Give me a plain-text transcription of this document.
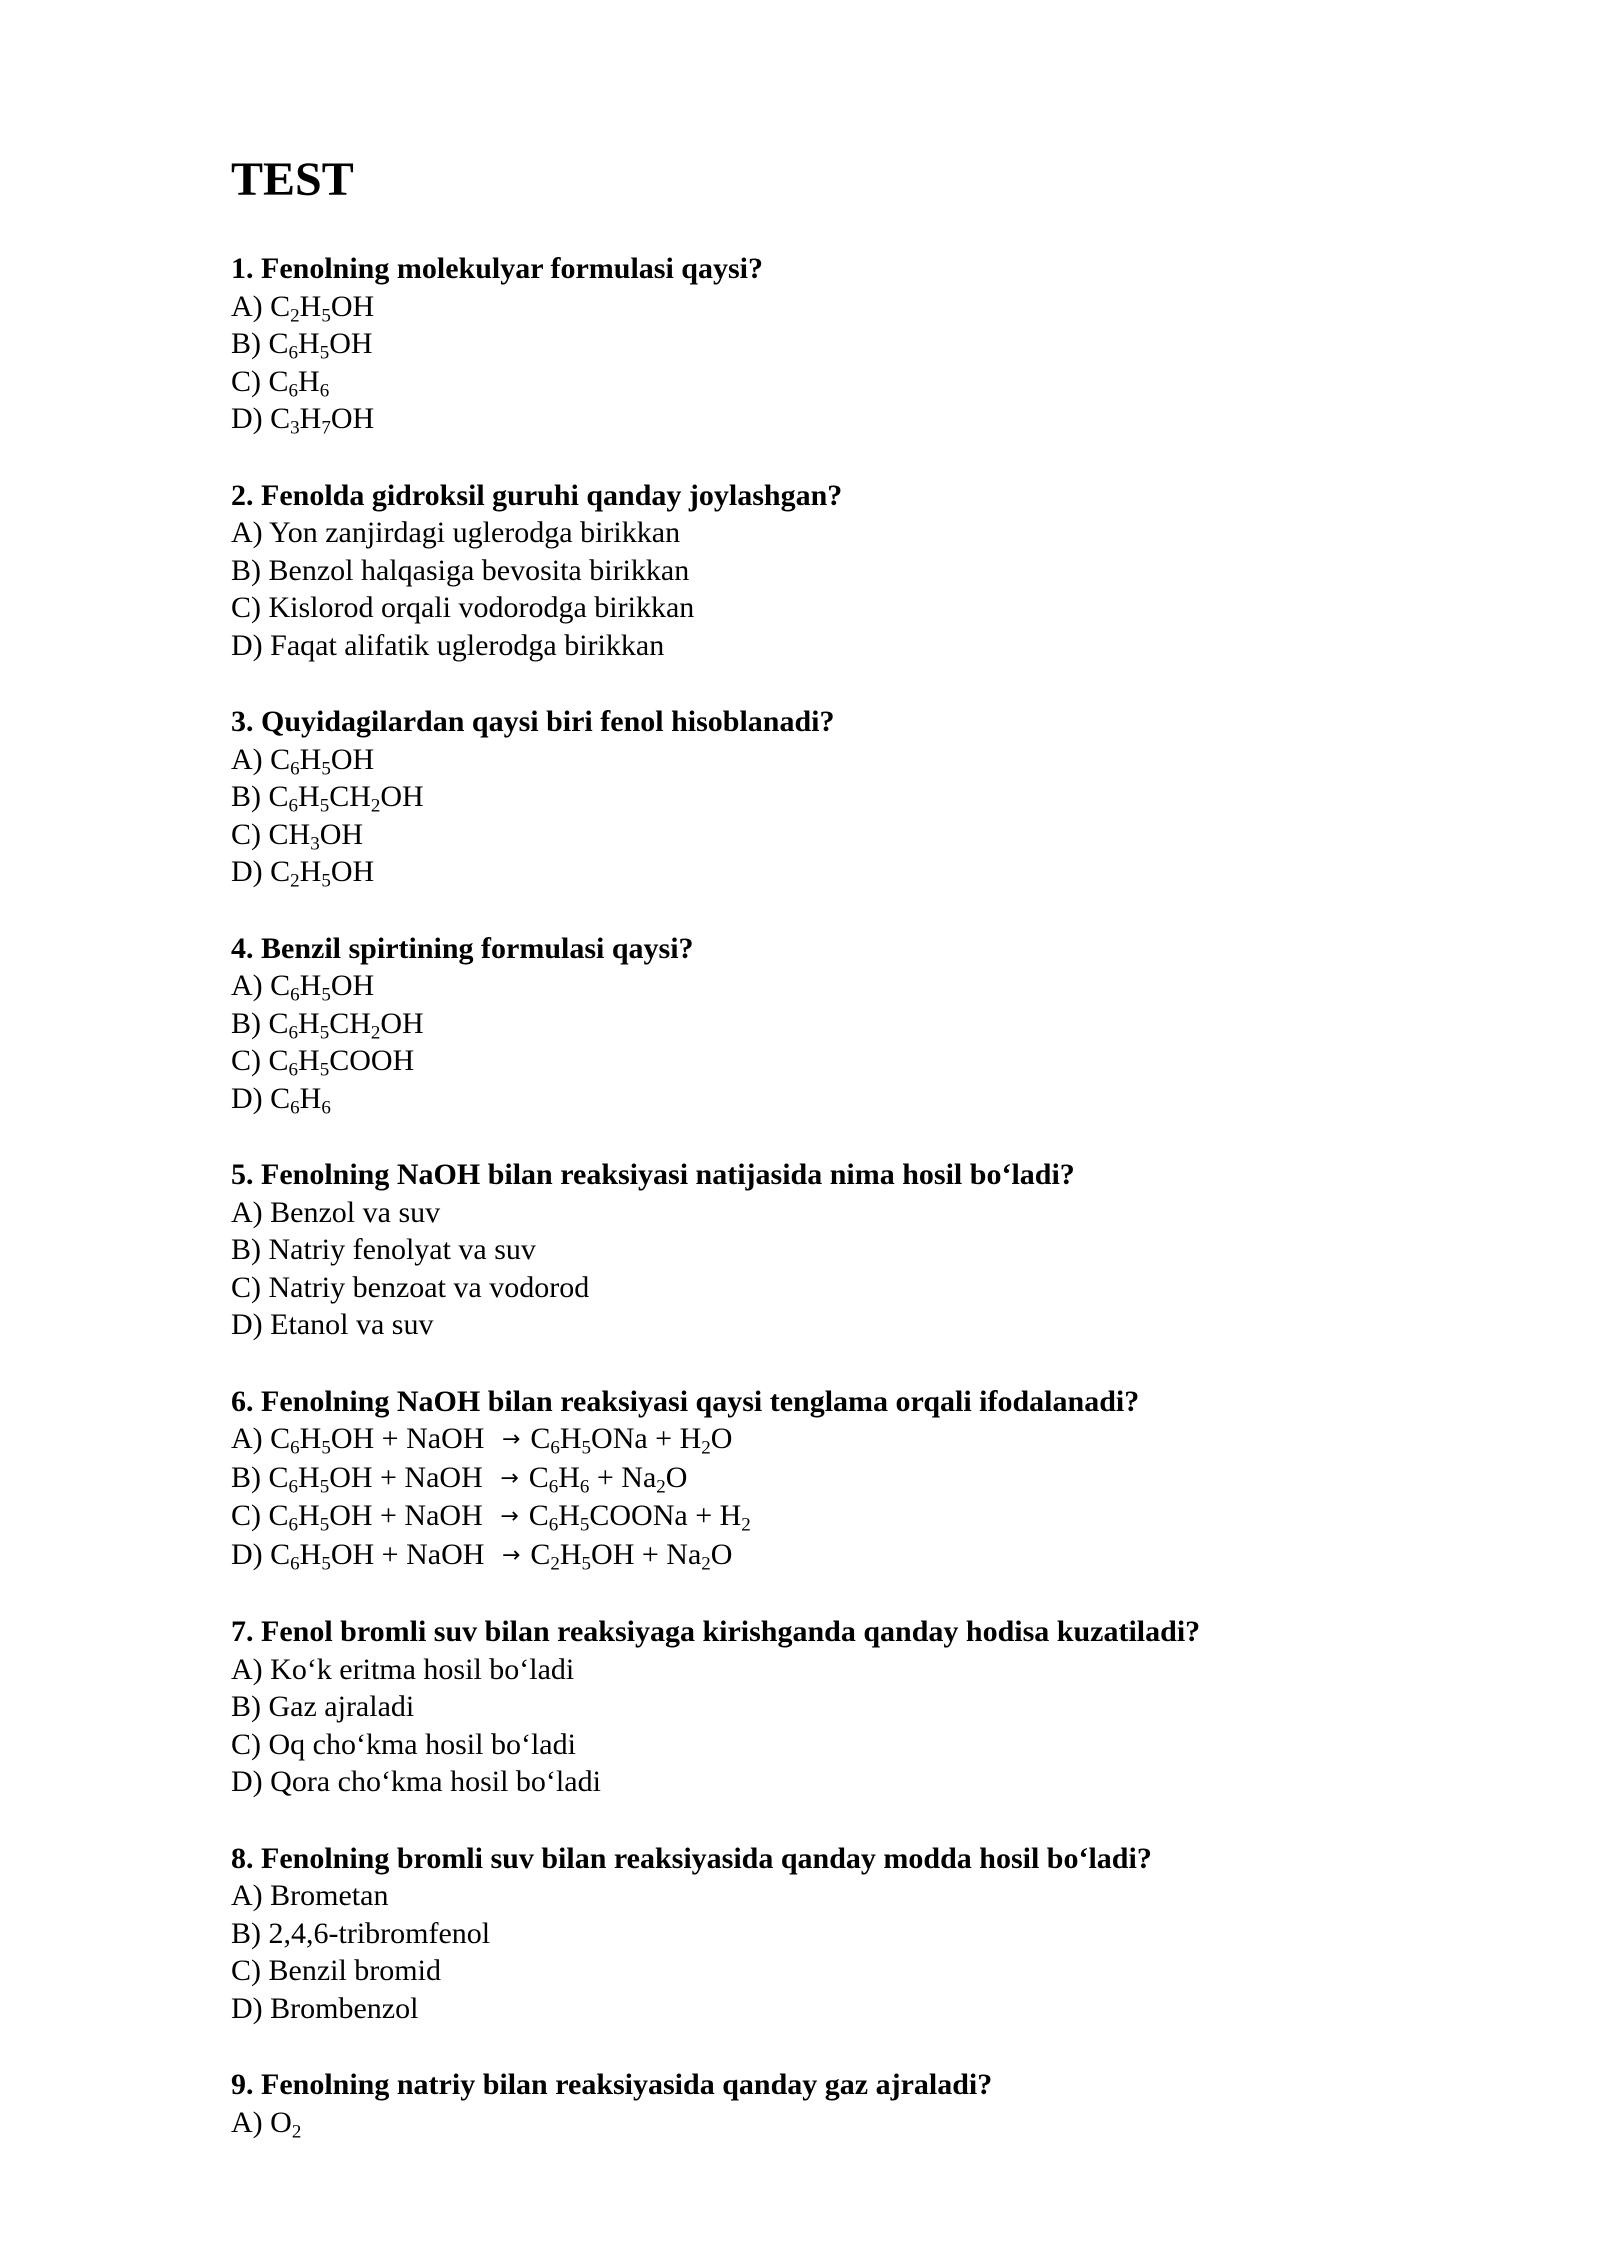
TEST
1. Fenolning molekulyar formulasi qaysi?
A) $C_2H_5OH$
B) $C_6H_5OH$
C) $C_6H_6$
D) $C_3H_7OH$
2. Fenolda gidroksil guruhi qanday joylashgan?
A) Yon zanjirdagi uglerodga birikkan
B) Benzol halqasiga bevosita birikkan
C) Kislorod orqali vodorodga birikkan
D) Faqat alifatik uglerodga birikkan
3. Quyidagilardan qaysi biri fenol hisoblanadi?
A) $C_6H_5OH$
B) $C_6H_5CH_2OH$
C) $CH_3OH$
D) $C_2H_5OH$
4. Benzil spirtining formulasi qaysi?
A) $C_6H_5OH$
B) $C_6H_5CH_2OH$
C) $C_6H_5COOH$
D) $C_6H_6$
5. Fenolning NaOH bilan reaksiyasi natijasida nima hosil bo‘ladi?
A) Benzol va suv
B) Natriy fenolyat va suv
C) Natriy benzoat va vodorod
D) Etanol va suv
6. Fenolning NaOH bilan reaksiyasi qaysi tenglama orqali ifodalanadi?
A) $C_6H_5OH$ + NaOH → $C_6H_5ONa + H_2O$
B) $C_6H_5OH$ + NaOH → $C_6H_6 + Na_2O$
C) $C_6H_5OH$ + NaOH → $C_6H_5COONa + H_2$
D) $C_6H_5OH$ + NaOH → $C_2H_5OH + Na_2O$
7. Fenol bromli suv bilan reaksiyaga kirishganda qanday hodisa kuzatiladi?
A) Ko‘k eritma hosil bo‘ladi
B) Gaz ajraladi
C) Oq cho‘kma hosil bo‘ladi
D) Qora cho‘kma hosil bo‘ladi
8. Fenolning bromli suv bilan reaksiyasida qanday modda hosil bo‘ladi?
A) Brometan
B) 2,4,6-tribromfenol
C) Benzil bromid
D) Brombenzol
9. Fenolning natriy bilan reaksiyasida qanday gaz ajraladi?
A) $O_2$
